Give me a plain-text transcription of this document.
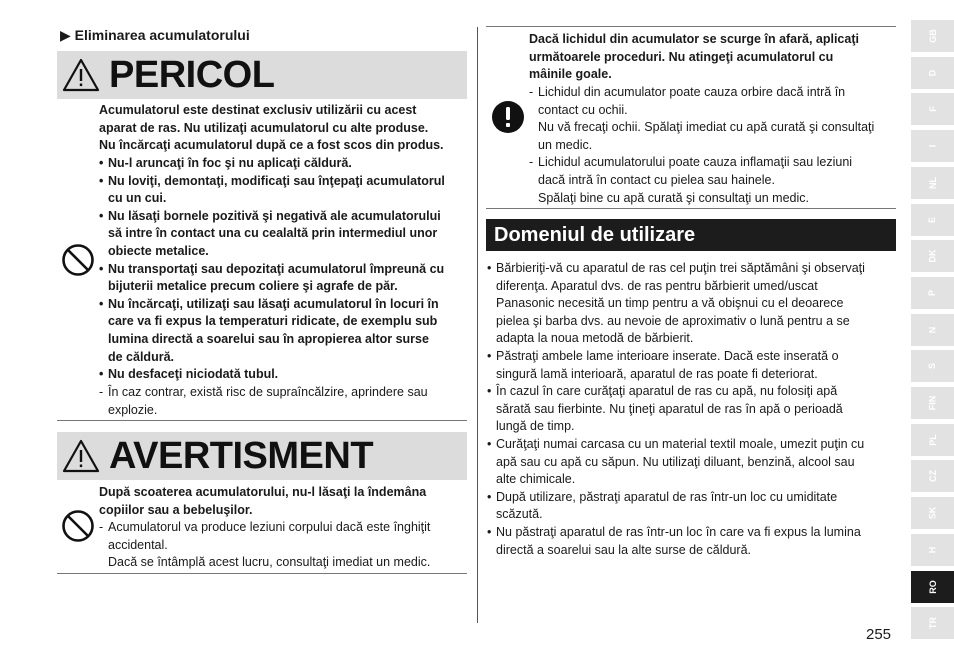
▶ Eliminarea acumulatorului
PERICOL
Acumulatorul este destinat exclusiv utilizării cu acest
aparat de ras. Nu utilizaţi acumulatorul cu alte produse.
Nu încărcaţi acumulatorul după ce a fost scos din produs.
• Nu-l aruncaţi în foc şi nu aplicaţi căldură.
• Nu loviţi, demontaţi, modificaţi sau înţepaţi acumulatorul
cu un cui.
• Nu lăsaţi bornele pozitivă şi negativă ale acumulatorului
să intre în contact una cu cealaltă prin intermediul unor
obiecte metalice.
• Nu transportaţi sau depozitaţi acumulatorul împreună cu
bijuterii metalice precum coliere şi agrafe de păr.
• Nu încărcaţi, utilizaţi sau lăsaţi acumulatorul în locuri în
care va fi expus la temperaturi ridicate, de exemplu sub
lumina directă a soarelui sau în apropierea altor surse
de căldură.
• Nu desfaceţi niciodată tubul.
- În caz contrar, există risc de supraîncălzire, aprindere sau
explozie.
AVERTISMENT
După scoaterea acumulatorului, nu-l lăsaţi la îndemâna
copiilor sau a bebeluşilor.
- Acumulatorul va produce leziuni corpului dacă este înghiţit
accidental.
Dacă se întâmplă acest lucru, consultaţi imediat un medic.
Dacă lichidul din acumulator se scurge în afară, aplicaţi
următoarele proceduri. Nu atingeţi acumulatorul cu
mâinile goale.
- Lichidul din acumulator poate cauza orbire dacă intră în
contact cu ochii.
Nu vă frecaţi ochii. Spălaţi imediat cu apă curată şi consultaţi
un medic.
- Lichidul acumulatorului poate cauza inflamaţii sau leziuni
dacă intră în contact cu pielea sau hainele.
Spălaţi bine cu apă curată şi consultaţi un medic.
Domeniul de utilizare
• Bărbieriţi-vă cu aparatul de ras cel puţin trei săptămâni şi observaţi
diferenţa. Aparatul dvs. de ras pentru bărbierit umed/uscat
Panasonic necesită un timp pentru a vă obişnui cu el deoarece
pielea şi barba dvs. au nevoie de aproximativ o lună pentru a se
adapta la noua metodă de bărbierit.
• Păstraţi ambele lame interioare inserate. Dacă este inserată o
singură lamă interioară, aparatul de ras poate fi deteriorat.
• În cazul în care curăţaţi aparatul de ras cu apă, nu folosiţi apă
sărată sau fierbinte. Nu ţineţi aparatul de ras în apă o perioadă
lungă de timp.
• Curăţaţi numai carcasa cu un material textil moale, umezit puţin cu
apă sau cu apă cu săpun. Nu utilizaţi diluant, benzină, alcool sau
alte chimicale.
• După utilizare, păstraţi aparatul de ras într-un loc cu umiditate
scăzută.
• Nu păstraţi aparatul de ras într-un loc în care va fi expus la lumina
directă a soarelui sau la alte surse de căldură.
GB
D
F
I
NL
E
DK
P
N
S
FIN
PL
CZ
SK
H
RO
TR
255
